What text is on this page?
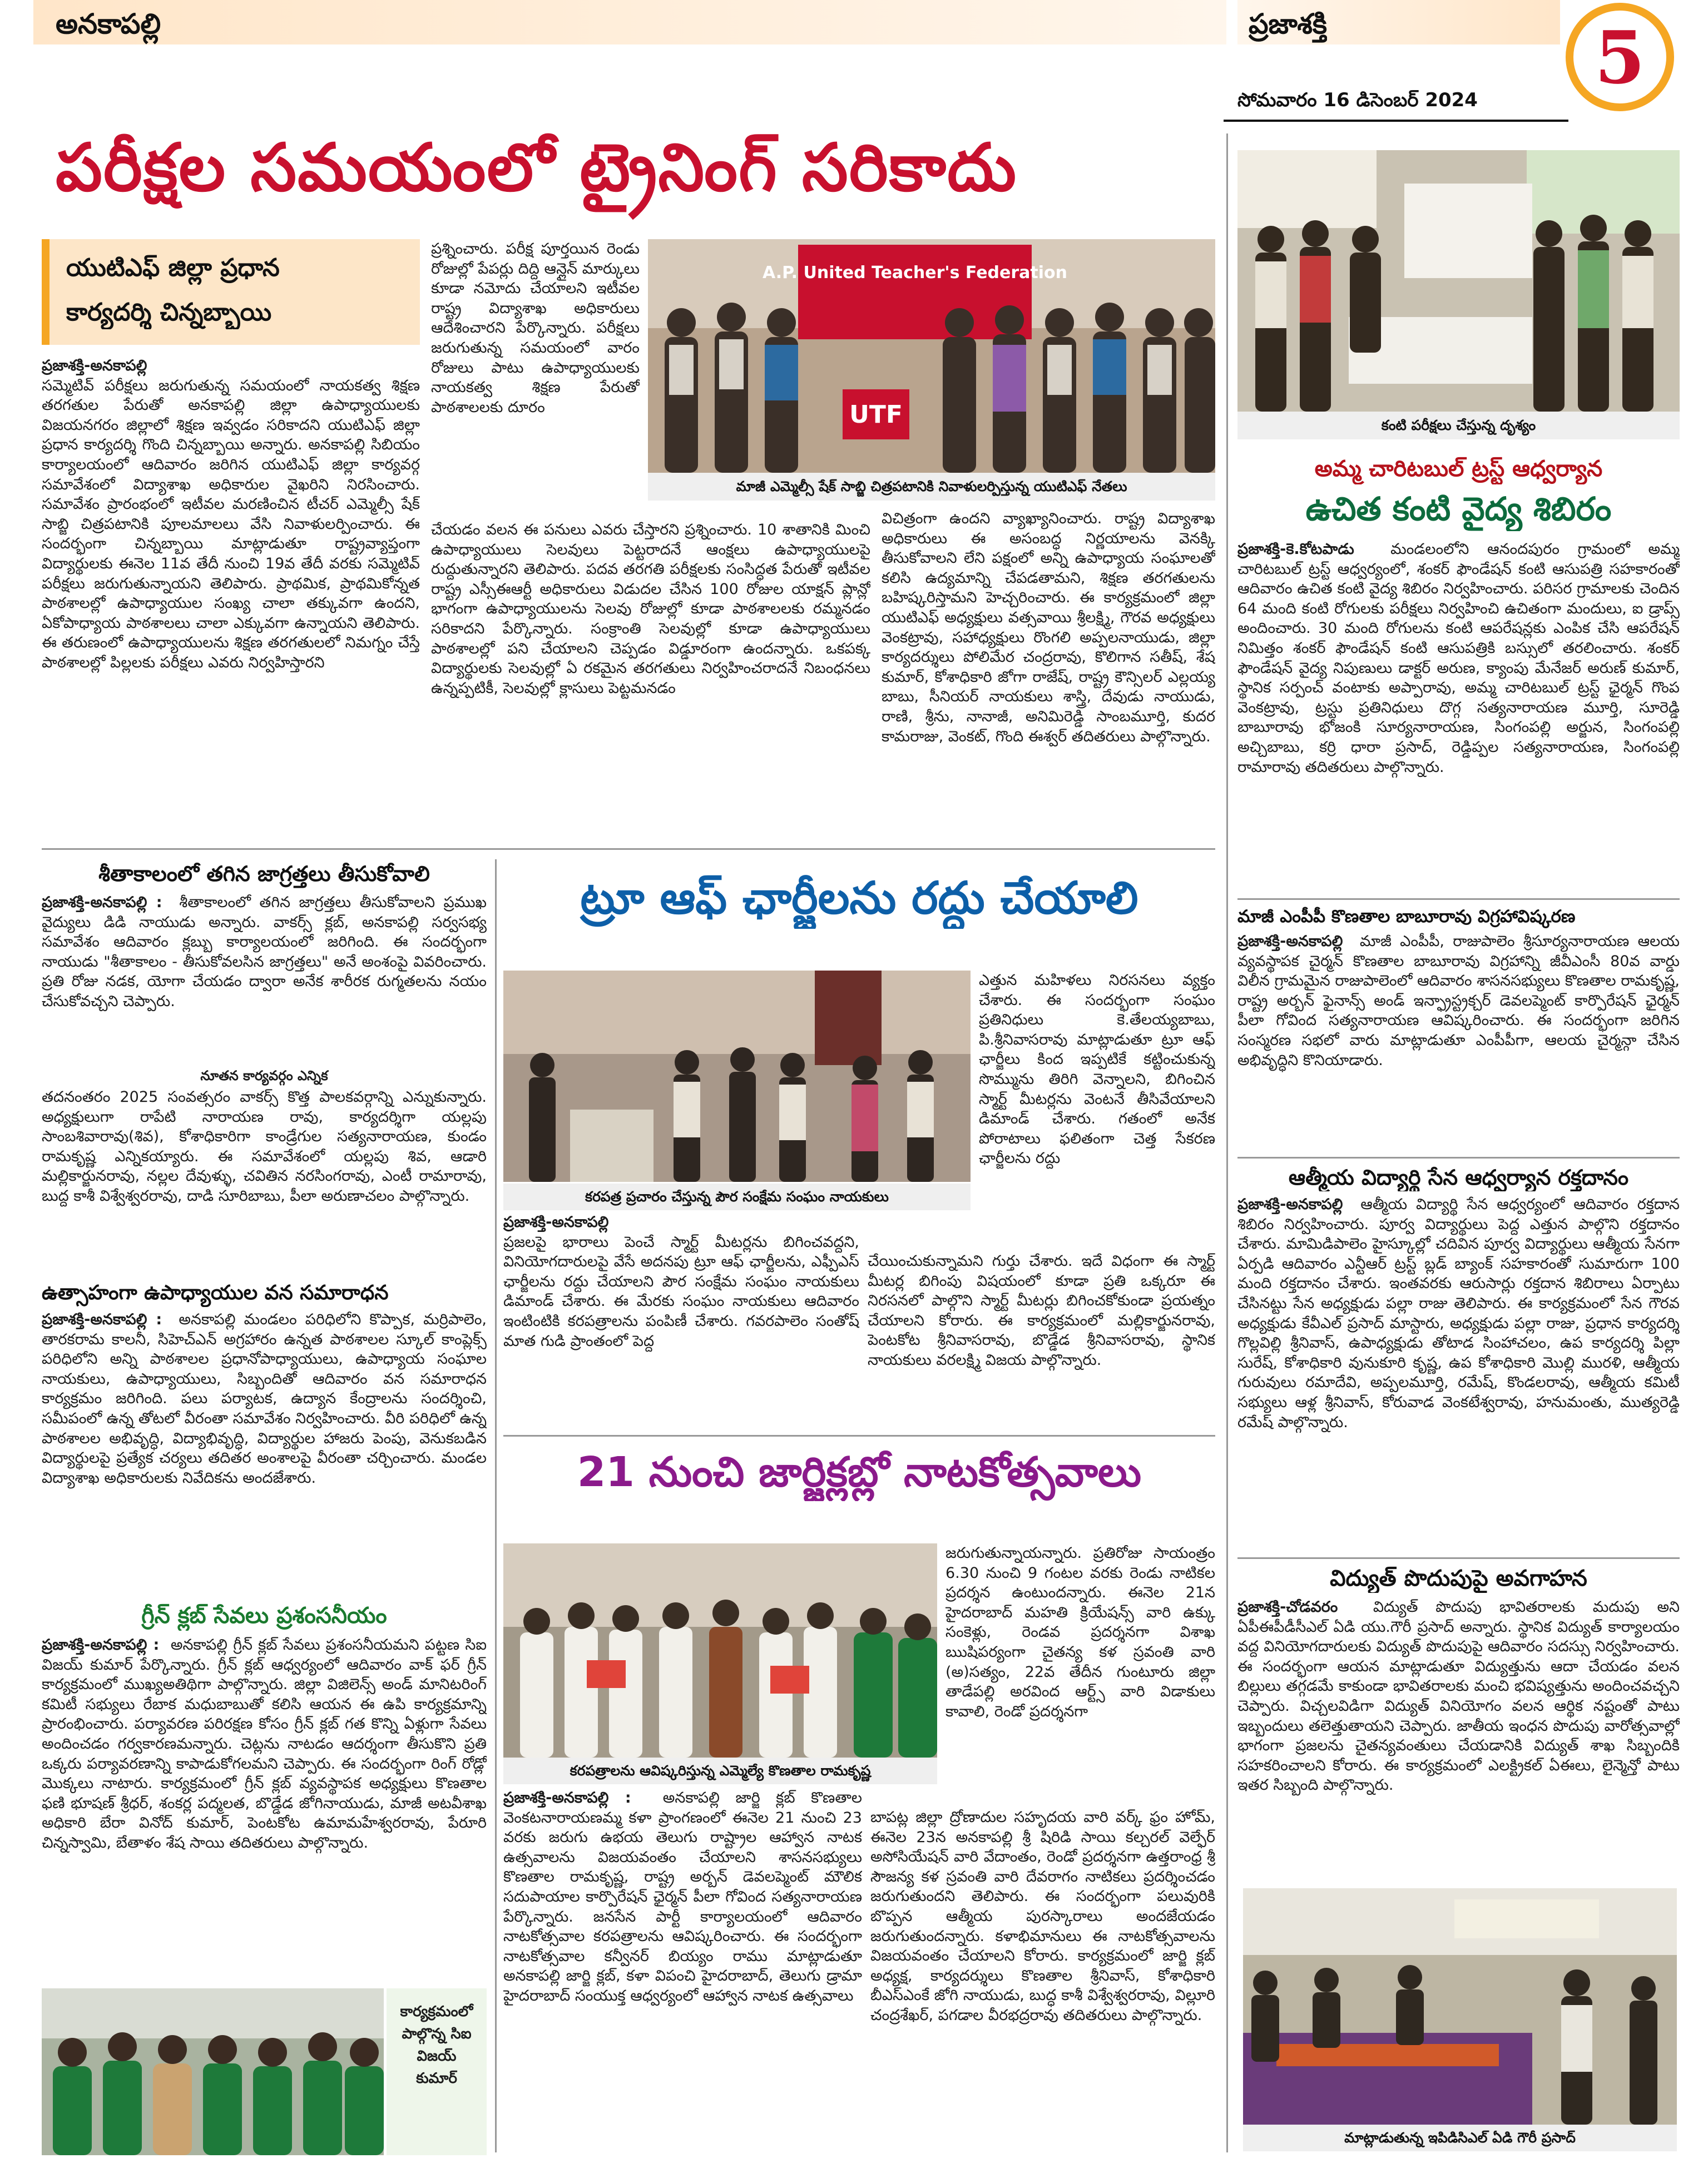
అనకాపల్లి	ప్రజాశక్తి	5
సోమవారం 16 డిసెంబర్ 2024
పరీక్షల సమయంలో ట్రైనింగ్ సరికాదు
యుటిఎఫ్ జిల్లా ప్రధాన
కార్యదర్శి చిన్నబ్బాయి
ప్రజాశక్తి-అనకాపల్లి
సమ్మెటివ్ పరీక్షలు జరుగుతున్న సమయంలో నాయకత్వ శిక్షణ తరగతుల పేరుతో అనకాపల్లి జిల్లా ఉపాధ్యాయులకు విజయనగరం జిల్లాలో శిక్షణ ఇవ్వడం సరికాదని యుటిఎఫ్ జిల్లా ప్రధాన కార్యదర్శి గొంది చిన్నబ్బాయి అన్నారు. అనకాపల్లి సిబియం కార్యాలయంలో ఆదివారం జరిగిన యుటిఎఫ్ జిల్లా కార్యవర్గ సమావేశంలో విద్యాశాఖ అధికారుల వైఖరిని నిరసించారు. సమావేశం ప్రారంభంలో ఇటీవల మరణించిన టీచర్ ఎమ్మెల్సీ షేక్ సాబ్జి చిత్రపటానికి పూలమాలలు వేసి నివాళులర్పించారు. ఈ సందర్భంగా చిన్నబ్బాయి మాట్లాడుతూ రాష్ట్రవ్యాప్తంగా విద్యార్థులకు ఈనెల 11వ తేదీ నుంచి 19వ తేదీ వరకు సమ్మెటివ్ పరీక్షలు జరుగుతున్నాయని తెలిపారు. ప్రాథమిక, ప్రాథమికోన్నత పాఠశాలల్లో ఉపాధ్యాయుల సంఖ్య చాలా తక్కువగా ఉందని, ఏకోపాధ్యాయ పాఠశాలలు చాలా ఎక్కువగా ఉన్నాయని తెలిపారు. ఈ తరుణంలో ఉపాధ్యాయులను శిక్షణ తరగతులలో నిమగ్నం చేస్తే పాఠశాలల్లో పిల్లలకు పరీక్షలు ఎవరు నిర్వహిస్తారని
ప్రశ్నించారు. పరీక్ష పూర్తయిన రెండు రోజుల్లో పేపర్లు దిద్ది ఆన్లైన్ మార్కులు కూడా నమోదు చేయాలని ఇటీవల రాష్ట్ర విద్యాశాఖ అధికారులు ఆదేశించారని పేర్కొన్నారు. పరీక్షలు జరుగుతున్న సమయంలో వారం రోజులు పాటు ఉపాధ్యాయులకు నాయకత్వ శిక్షణ పేరుతో పాఠశాలలకు దూరం
A.P. United Teacher's Federation
UTF
మాజీ ఎమ్మెల్సీ షేక్ సాబ్జి చిత్రపటానికి నివాళులర్పిస్తున్న యుటిఎఫ్ నేతలు
చేయడం వలన ఈ పనులు ఎవరు చేస్తారని ప్రశ్నించారు. 10 శాతానికి మించి ఉపాధ్యాయులు సెలవులు పెట్టరాదనే ఆంక్షలు ఉపాధ్యాయులపై రుద్దుతున్నారని తెలిపారు. పదవ తరగతి పరీక్షలకు సంసిద్ధత పేరుతో ఇటీవల రాష్ట్ర ఎస్సీఈఆర్టీ అధికారులు విడుదల చేసిన 100 రోజుల యాక్షన్ ప్లాన్లో భాగంగా ఉపాధ్యాయులను సెలవు రోజుల్లో కూడా పాఠశాలలకు రమ్మనడం సరికాదని పేర్కొన్నారు. సంక్రాంతి సెలవుల్లో కూడా ఉపాధ్యాయులు పాఠశాలల్లో పని చేయాలని చెప్పడం విడ్డూరంగా ఉందన్నారు. ఒకపక్క విద్యార్థులకు సెలవుల్లో ఏ రకమైన తరగతులు నిర్వహించరాదనే నిబంధనలు ఉన్నప్పటికీ, సెలవుల్లో క్లాసులు పెట్టమనడం
విచిత్రంగా ఉందని వ్యాఖ్యానించారు. రాష్ట్ర విద్యాశాఖ అధికారులు ఈ అసంబద్ధ నిర్ణయాలను వెనక్కి తీసుకోవాలని లేని పక్షంలో అన్ని ఉపాధ్యాయ సంఘాలతో కలిసి ఉద్యమాన్ని చేపడతామని, శిక్షణ తరగతులను బహిష్కరిస్తామని హెచ్చరించారు. ఈ కార్యక్రమంలో జిల్లా యుటిఎఫ్ అధ్యక్షులు వత్సవాయి శ్రీలక్ష్మి, గౌరవ అధ్యక్షులు వెంకట్రావు, సహాధ్యక్షులు రొంగలి అప్పలనాయుడు, జిల్లా కార్యదర్శులు పోలిమేర చంద్రరావు, కొలిగాన సతీష్, శేష కుమార్, కోశాధికారి జోగా రాజేష్, రాష్ట్ర కౌన్సిలర్ ఎల్లయ్య బాబు, సీనియర్ నాయకులు శాస్త్రి, దేవుడు నాయుడు, రాణి, శ్రీను, నానాజీ, అనిమిరెడ్డి సాంబమూర్తి, కుదర కామరాజు, వెంకట్, గొంది ఈశ్వర్ తదితరులు పాల్గొన్నారు.
కంటి పరీక్షలు చేస్తున్న దృశ్యం
అమ్మ చారిటబుల్ ట్రస్ట్ ఆధ్వర్యాన
ఉచిత కంటి వైద్య శిబిరం
ప్రజాశక్తి-కె.కోటపాడు మండలంలోని ఆనందపురం గ్రామంలో అమ్మ చారిటబుల్ ట్రస్ట్ ఆధ్వర్యంలో, శంకర్ ఫౌండేషన్ కంటి ఆసుపత్రి సహకారంతో ఆదివారం ఉచిత కంటి వైద్య శిబిరం నిర్వహించారు. పరిసర గ్రామాలకు చెందిన 64 మంది కంటి రోగులకు పరీక్షలు నిర్వహించి ఉచితంగా మందులు, ఐ డ్రాప్స్ అందించారు. 30 మంది రోగులను కంటి ఆపరేషన్లకు ఎంపిక చేసి ఆపరేషన్ నిమిత్తం శంకర్ ఫౌండేషన్ కంటి ఆసుపత్రికి బస్సులో తరలించారు. శంకర్ ఫౌండేషన్ వైద్య నిపుణులు డాక్టర్ అరుణ, క్యాంపు మేనేజర్ అరుణ్ కుమార్, స్థానిక సర్పంచ్ వంటాకు అప్పారావు, అమ్మ చారిటబుల్ ట్రస్ట్ ఛైర్మన్ గొంప వెంకట్రావు, ట్రస్టు ప్రతినిధులు దొగ్గ సత్యనారాయణ మూర్తి, సూరెడ్డి బాబూరావు భోజంకి సూర్యనారాయణ, సింగంపల్లి అర్జున, సింగంపల్లి అచ్చిబాబు, కర్రి ధారా ప్రసాద్, రెడ్డిప్పల సత్యనారాయణ, సింగంపల్లి రామారావు తదితరులు పాల్గొన్నారు.
మాజీ ఎంపీపీ కొణతాల బాబూరావు విగ్రహావిష్కరణ
ప్రజాశక్తి-అనకాపల్లి మాజీ ఎంపీపీ, రాజుపాలెం శ్రీసూర్యనారాయణ ఆలయ వ్యవస్థాపక చైర్మన్ కొణతాల బాబూరావు విగ్రహాన్ని జీవీఎంసీ 80వ వార్డు విలీన గ్రామమైన రాజుపాలెంలో ఆదివారం శాసనసభ్యులు కొణతాల రామకృష్ణ, రాష్ట్ర అర్బన్ ఫైనాన్స్ అండ్ ఇన్ఫ్రాస్ట్రక్చర్ డెవలప్మెంట్ కార్పొరేషన్ ఛైర్మన్ పీలా గోవింద సత్యనారాయణ ఆవిష్కరించారు. ఈ సందర్భంగా జరిగిన సంస్మరణ సభలో వారు మాట్లాడుతూ ఎంపీపీగా, ఆలయ చైర్మన్గా చేసిన అభివృద్ధిని కొనియాడారు.
ఆత్మీయ విద్యార్థి సేన ఆధ్వర్యాన రక్తదానం
ప్రజాశక్తి-అనకాపల్లి ఆత్మీయ విద్యార్థి సేన ఆధ్వర్యంలో ఆదివారం రక్తదాన శిబిరం నిర్వహించారు. పూర్వ విద్యార్థులు పెద్ద ఎత్తున పాల్గొని రక్తదానం చేశారు. మామిడిపాలెం హైస్కూల్లో చదివిన పూర్వ విద్యార్థులు ఆత్మీయ సేనగా ఏర్పడి ఆదివారం ఎన్టీఆర్ ట్రస్ట్ బ్లడ్ బ్యాంక్ సహకారంతో సుమారుగా 100 మంది రక్తదానం చేశారు. ఇంతవరకు ఆరుసార్లు రక్తదాన శిబిరాలు ఏర్పాటు చేసినట్టు సేన అధ్యక్షుడు పల్లా రాజు తెలిపారు. ఈ కార్యక్రమంలో సేన గౌరవ అధ్యక్షుడు కేవీఎల్ ప్రసాద్ మాస్టారు, అధ్యక్షుడు పల్లా రాజు, ప్రధాన కార్యదర్శి గొల్లవిల్లి శ్రీనివాస్, ఉపాధ్యక్షుడు తోటాడ సింహాచలం, ఉప కార్యదర్శి పిల్లా సురేష్, కోశాధికారి వునుకూరి కృష్ణ, ఉప కోశాధికారి మొల్లి మురళి, ఆత్మీయ గురువులు రమాదేవి, అప్పలమూర్తి, రమేష్, కొండలరావు, ఆత్మీయ కమిటీ సభ్యులు ఆళ్ల శ్రీనివాస్, కోరువాడ వెంకటేశ్వరావు, హనుమంతు, ముత్యరెడ్డి రమేష్ పాల్గొన్నారు.
విద్యుత్ పొదుపుపై అవగాహన
ప్రజాశక్తి-చోడవరం విద్యుత్ పొదుపు భావితరాలకు మదుపు అని ఏపీఈపీడీసీఎల్ ఏడి యు.గౌరీ ప్రసాద్ అన్నారు. స్థానిక విద్యుత్ కార్యాలయం వద్ద వినియోగదారులకు విద్యుత్ పొదుపుపై ఆదివారం సదస్సు నిర్వహించారు. ఈ సందర్భంగా ఆయన మాట్లాడుతూ విద్యుత్తును ఆదా చేయడం వలన బిల్లులు తగ్గడమే కాకుండా భావితరాలకు మంచి భవిష్యత్తును అందించవచ్చని చెప్పారు. విచ్చలవిడిగా విద్యుత్ వినియోగం వలన ఆర్థిక నష్టంతో పాటు ఇబ్బందులు తలెత్తుతాయని చెప్పారు. జాతీయ ఇంధన పొదుపు వారోత్సవాల్లో భాగంగా ప్రజలను చైతన్యవంతులు చేయడానికి విద్యుత్ శాఖ సిబ్బందికి సహకరించాలని కోరారు. ఈ కార్యక్రమంలో ఎలక్ట్రికల్ ఏఈలు, లైన్మెన్తో పాటు ఇతర సిబ్బంది పాల్గొన్నారు.
మాట్లాడుతున్న ఇపిడిసిఎల్ ఏడి గౌరీ ప్రసాద్
శీతాకాలంలో తగిన జాగ్రత్తలు తీసుకోవాలి
ప్రజాశక్తి-అనకాపల్లి : శీతాకాలంలో తగిన జాగ్రత్తలు తీసుకోవాలని ప్రముఖ వైద్యులు డిడి నాయుడు అన్నారు. వాకర్స్ క్లబ్, అనకాపల్లి సర్వసభ్య సమావేశం ఆదివారం క్లబ్బు కార్యాలయంలో జరిగింది. ఈ సందర్భంగా నాయుడు "శీతాకాలం - తీసుకోవలసిన జాగ్రత్తలు" అనే అంశంపై వివరించారు. ప్రతి రోజు నడక, యోగా చేయడం ద్వారా అనేక శారీరక రుగ్మతలను నయం చేసుకోవచ్చని చెప్పారు.
నూతన కార్యవర్గం ఎన్నిక
తదనంతరం 2025 సంవత్సరం వాకర్స్ కొత్త పాలకవర్గాన్ని ఎన్నుకున్నారు. అధ్యక్షులుగా రాపేటి నారాయణ రావు, కార్యదర్శిగా యల్లపు సాంబశివారావు(శివ), కోశాధికారిగా కాండ్రేగుల సత్యనారాయణ, కుండం రామకృష్ణ ఎన్నికయ్యారు. ఈ సమావేశంలో యల్లపు శివ, ఆడారి మల్లికార్జునరావు, నల్లల దేవుళ్ళు, చవితిన నరసింగరావు, ఎంటీ రామారావు, బుద్ద కాశీ విశ్వేశ్వరరావు, దాడి సూరిబాబు, పీలా అరుణాచలం పాల్గొన్నారు.
ఉత్సాహంగా ఉపాధ్యాయుల వన సమారాధన
ప్రజాశక్తి-అనకాపల్లి : అనకాపల్లి మండలం పరిధిలోని కొప్పాక, మర్రిపాలెం, తారకరామ కాలనీ, సిహెచ్ఎన్ అగ్రహారం ఉన్నత పాఠశాలల స్కూల్ కాంప్లెక్స్ పరిధిలోని అన్ని పాఠశాలల ప్రధానోపాధ్యాయులు, ఉపాధ్యాయ సంఘాల నాయకులు, ఉపాధ్యాయులు, సిబ్బందితో ఆదివారం వన సమారాధన కార్యక్రమం జరిగింది. పలు పర్యాటక, ఉద్యాన కేంద్రాలను సందర్శించి, సమీపంలో ఉన్న తోటలో వీరంతా సమావేశం నిర్వహించారు. వీరి పరిధిలో ఉన్న పాఠశాలల అభివృద్ధి, విద్యాభివృద్ధి, విద్యార్థుల హాజరు పెంపు, వెనుకబడిన విద్యార్థులపై ప్రత్యేక చర్యలు తదితర అంశాలపై వీరంతా చర్చించారు. మండల విద్యాశాఖ అధికారులకు నివేదికను అందజేశారు.
గ్రీన్ క్లబ్ సేవలు ప్రశంసనీయం
ప్రజాశక్తి-అనకాపల్లి : అనకాపల్లి గ్రీన్ క్లబ్ సేవలు ప్రశంసనీయమని పట్టణ సిఐ విజయ్ కుమార్ పేర్కొన్నారు. గ్రీన్ క్లబ్ ఆధ్వర్యంలో ఆదివారం వాక్ ఫర్ గ్రీన్ కార్యక్రమంలో ముఖ్యఅతిథిగా పాల్గొన్నారు. జిల్లా విజిలెన్స్ అండ్ మానిటరింగ్ కమిటీ సభ్యులు రేబాక మధుబాబుతో కలిసి ఆయన ఈ ఉపి కార్యక్రమాన్ని ప్రారంభించారు. పర్యావరణ పరిరక్షణ కోసం గ్రీన్ క్లబ్ గత కొన్ని ఏళ్లుగా సేవలు అందించడం గర్వకారణమన్నారు. చెట్లను నాటడం ఆదర్శంగా తీసుకొని ప్రతి ఒక్కరు పర్యావరణాన్ని కాపాడుకోగలమని చెప్పారు. ఈ సందర్భంగా రింగ్ రోడ్లో మొక్కలు నాటారు. కార్యక్రమంలో గ్రీన్ క్లబ్ వ్యవస్థాపక అధ్యక్షులు కొణతాల ఫణి భూషణ్ శ్రీధర్, శంకర్ల పద్మలత, బొడ్డేడ జోగినాయుడు, మాజీ అటవీశాఖ అధికారి బేరా వినోద్ కుమార్, పెంటకోట ఉమామహేశ్వరరావు, పేరూరి చిన్నస్వామి, బేతాళం శేష సాయి తదితరులు పాల్గొన్నారు.
కార్యక్రమంలో పాల్గొన్న సిఐ విజయ్ కుమార్
ట్రూ ఆఫ్ ఛార్జీలను రద్దు చేయాలి
కరపత్ర ప్రచారం చేస్తున్న పౌర సంక్షేమ సంఘం నాయకులు
ఎత్తున మహిళలు నిరసనలు వ్యక్తం చేశారు. ఈ సందర్భంగా సంఘం ప్రతినిధులు కె.తేలయ్యబాబు, పి.శ్రీనివాసరావు మాట్లాడుతూ ట్రూ ఆఫ్ ఛార్జీలు కింద ఇప్పటికే కట్టించుకున్న సొమ్మును తిరిగి వెన్నాలని, బిగించిన స్మార్ట్ మీటర్లను వెంటనే తీసివేయాలని డిమాండ్ చేశారు. గతంలో అనేక పోరాటాలు ఫలితంగా చెత్త సేకరణ ఛార్జీలను రద్దు
ప్రజాశక్తి-అనకాపల్లి
ప్రజలపై భారాలు పెంచే స్మార్ట్ మీటర్లను బిగించవద్దని, వినియోగదారులపై వేసే అదనపు ట్రూ ఆఫ్ ఛార్జీలను, ఎఫ్పీఎస్ ఛార్జీలను రద్దు చేయాలని పౌర సంక్షేమ సంఘం నాయకులు డిమాండ్ చేశారు. ఈ మేరకు సంఘం నాయకులు ఆదివారం ఇంటింటికి కరపత్రాలను పంపిణీ చేశారు. గవరపాలెం సంతోష్ మాత గుడి ప్రాంతంలో పెద్ద
చేయించుకున్నామని గుర్తు చేశారు. ఇదే విధంగా ఈ స్మార్ట్ మీటర్ల బిగింపు విషయంలో కూడా ప్రతి ఒక్కరూ ఈ నిరసనలో పాల్గొని స్మార్ట్ మీటర్లు బిగించకోకుండా ప్రయత్నం చేయాలని కోరారు. ఈ కార్యక్రమంలో మల్లికార్జునరావు, పెంటకోట శ్రీనివాసరావు, బొడ్డేడ శ్రీనివాసరావు, స్థానిక నాయకులు వరలక్ష్మి విజయ పాల్గొన్నారు.
21 నుంచి జార్జిక్లబ్లో నాటకోత్సవాలు
కరపత్రాలను ఆవిష్కరిస్తున్న ఎమ్మెల్యే కొణతాల రామకృష్ణ
జరుగుతున్నాయన్నారు. ప్రతిరోజు సాయంత్రం 6.30 నుంచి 9 గంటల వరకు రెండు నాటికల ప్రదర్శన ఉంటుందన్నారు. ఈనెల 21న హైదరాబాద్ మహతి క్రియేషన్స్ వారి ఉక్కు సంకెళ్లు, రెండవ ప్రదర్శనగా విశాఖ ఋషిపర్యంగా చైతన్య కళ స్రవంతి వారి (అ)సత్యం, 22వ తేదీన గుంటూరు జిల్లా తాడేపల్లి అరవింద ఆర్ట్స్ వారి విడాకులు కావాలి, రెండో ప్రదర్శనగా
ప్రజాశక్తి-అనకాపల్లి : అనకాపల్లి జార్జి క్లబ్ కొణతాల వెంకటనారాయణమ్మ కళా ప్రాంగణంలో ఈనెల 21 నుంచి 23 వరకు జరుగు ఉభయ తెలుగు రాష్ట్రాల ఆహ్వాన నాటక ఉత్సవాలను విజయవంతం చేయాలని శాసనసభ్యులు కొణతాల రామకృష్ణ, రాష్ట్ర అర్బన్ డెవలప్మెంట్ మౌలిక సదుపాయాల కార్పొరేషన్ ఛైర్మన్ పీలా గోవింద సత్యనారాయణ పేర్కొన్నారు. జనసేన పార్టీ కార్యాలయంలో ఆదివారం నాటకోత్సవాల కరపత్రాలను ఆవిష్కరించారు. ఈ సందర్భంగా నాటకోత్సవాల కన్వీనర్ బియ్యం రాము మాట్లాడుతూ అనకాపల్లి జార్జి క్లబ్, కళా విపంచి హైదరాబాద్, తెలుగు డ్రామా హైదరాబాద్ సంయుక్త ఆధ్వర్యంలో ఆహ్వాన నాటక ఉత్సవాలు
బాపట్ల జిల్లా ద్రోణాదుల సహృదయ వారి వర్క్ ఫ్రం హోమ్, ఈనెల 23న అనకాపల్లి శ్రీ షిరిడి సాయి కల్చరల్ వెల్ఫేర్ అసోసియేషన్ వారి వేదాంతం, రెండో ప్రదర్శనగా ఉత్తరాంధ్ర శ్రీ సౌజన్య కళ స్రవంతి వారి దేవరాగం నాటికలు ప్రదర్శించడం జరుగుతుందని తెలిపారు. ఈ సందర్భంగా పలువురికి బొప్పన ఆత్మీయ పురస్కారాలు అందజేయడం జరుగుతుందన్నారు. కళాభిమానులు ఈ నాటకోత్సవాలను విజయవంతం చేయాలని కోరారు. కార్యక్రమంలో జార్జి క్లబ్ అధ్యక్ష, కార్యదర్శులు కొణతాల శ్రీనివాస్, కోశాధికారి బీఎస్ఎంకే జోగి నాయుడు, బుద్ధ కాశీ విశ్వేశ్వరరావు, విల్లూరి చంద్రశేఖర్, పగడాల వీరభద్రరావు తదితరులు పాల్గొన్నారు.
